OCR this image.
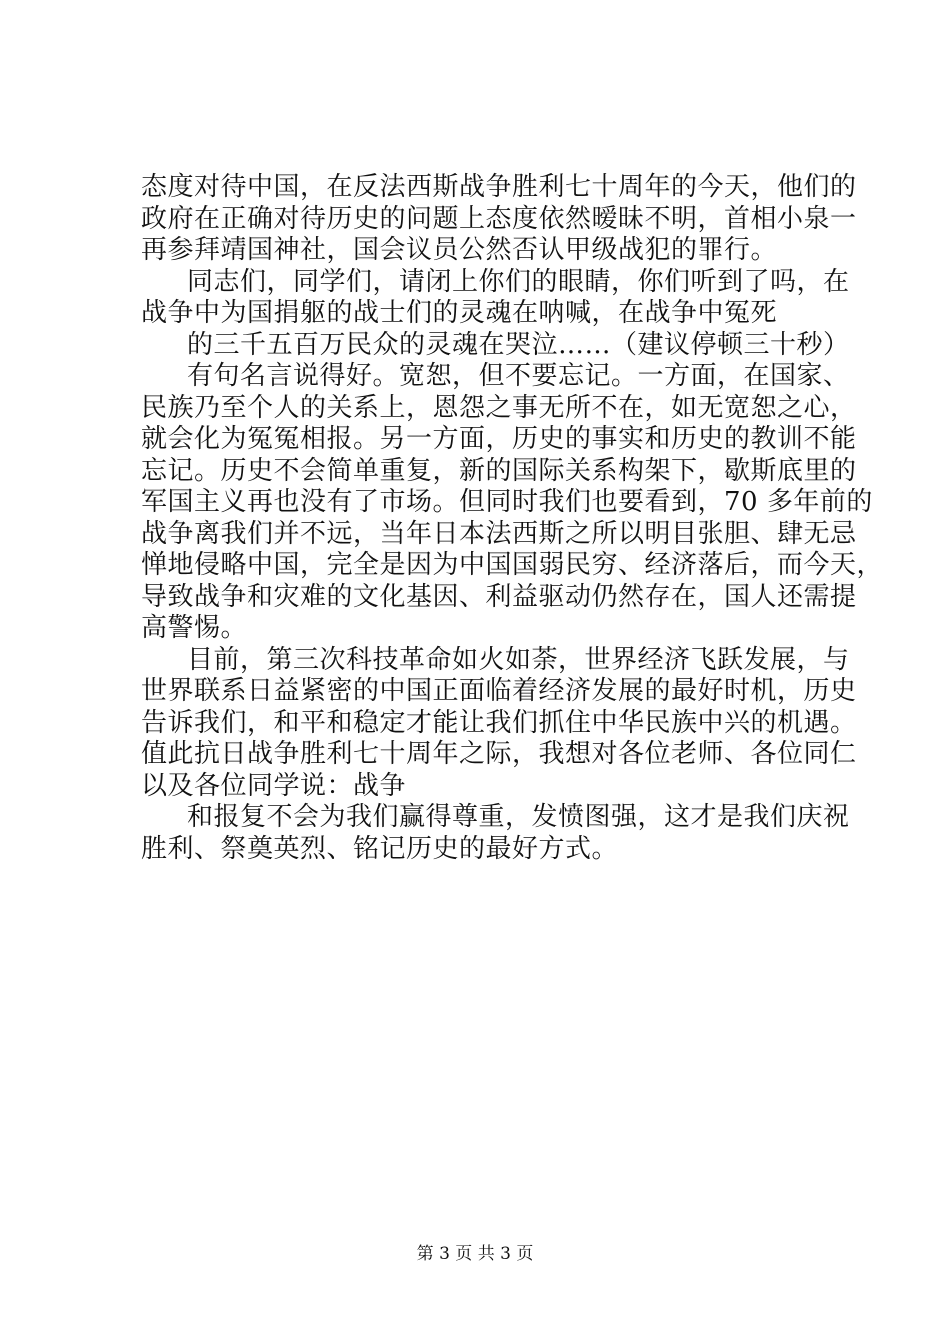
态度对待中国，在反法西斯战争胜利七十周年的今天，他们的
政府在正确对待历史的问题上态度依然暧昧不明，首相小泉一
再参拜靖国神社，国会议员公然否认甲级战犯的罪行。
同志们，同学们，请闭上你们的眼睛，你们听到了吗，在
战争中为国捐躯的战士们的灵魂在呐喊，在战争中冤死
的三千五百万民众的灵魂在哭泣……（建议停顿三十秒）
有句名言说得好。宽恕，但不要忘记。一方面，在国家、
民族乃至个人的关系上，恩怨之事无所不在，如无宽恕之心，
就会化为冤冤相报。另一方面，历史的事实和历史的教训不能
忘记。历史不会简单重复，新的国际关系构架下，歇斯底里的
军国主义再也没有了市场。但同时我们也要看到，70 多年前的
战争离我们并不远，当年日本法西斯之所以明目张胆、肆无忌
惮地侵略中国，完全是因为中国国弱民穷、经济落后，而今天，
导致战争和灾难的文化基因、利益驱动仍然存在，国人还需提
高警惕。
目前，第三次科技革命如火如荼，世界经济飞跃发展，与
世界联系日益紧密的中国正面临着经济发展的最好时机，历史
告诉我们，和平和稳定才能让我们抓住中华民族中兴的机遇。
值此抗日战争胜利七十周年之际，我想对各位老师、各位同仁
以及各位同学说：战争
和报复不会为我们赢得尊重，发愤图强，这才是我们庆祝
胜利、祭奠英烈、铭记历史的最好方式。
第 3 页 共 3 页
